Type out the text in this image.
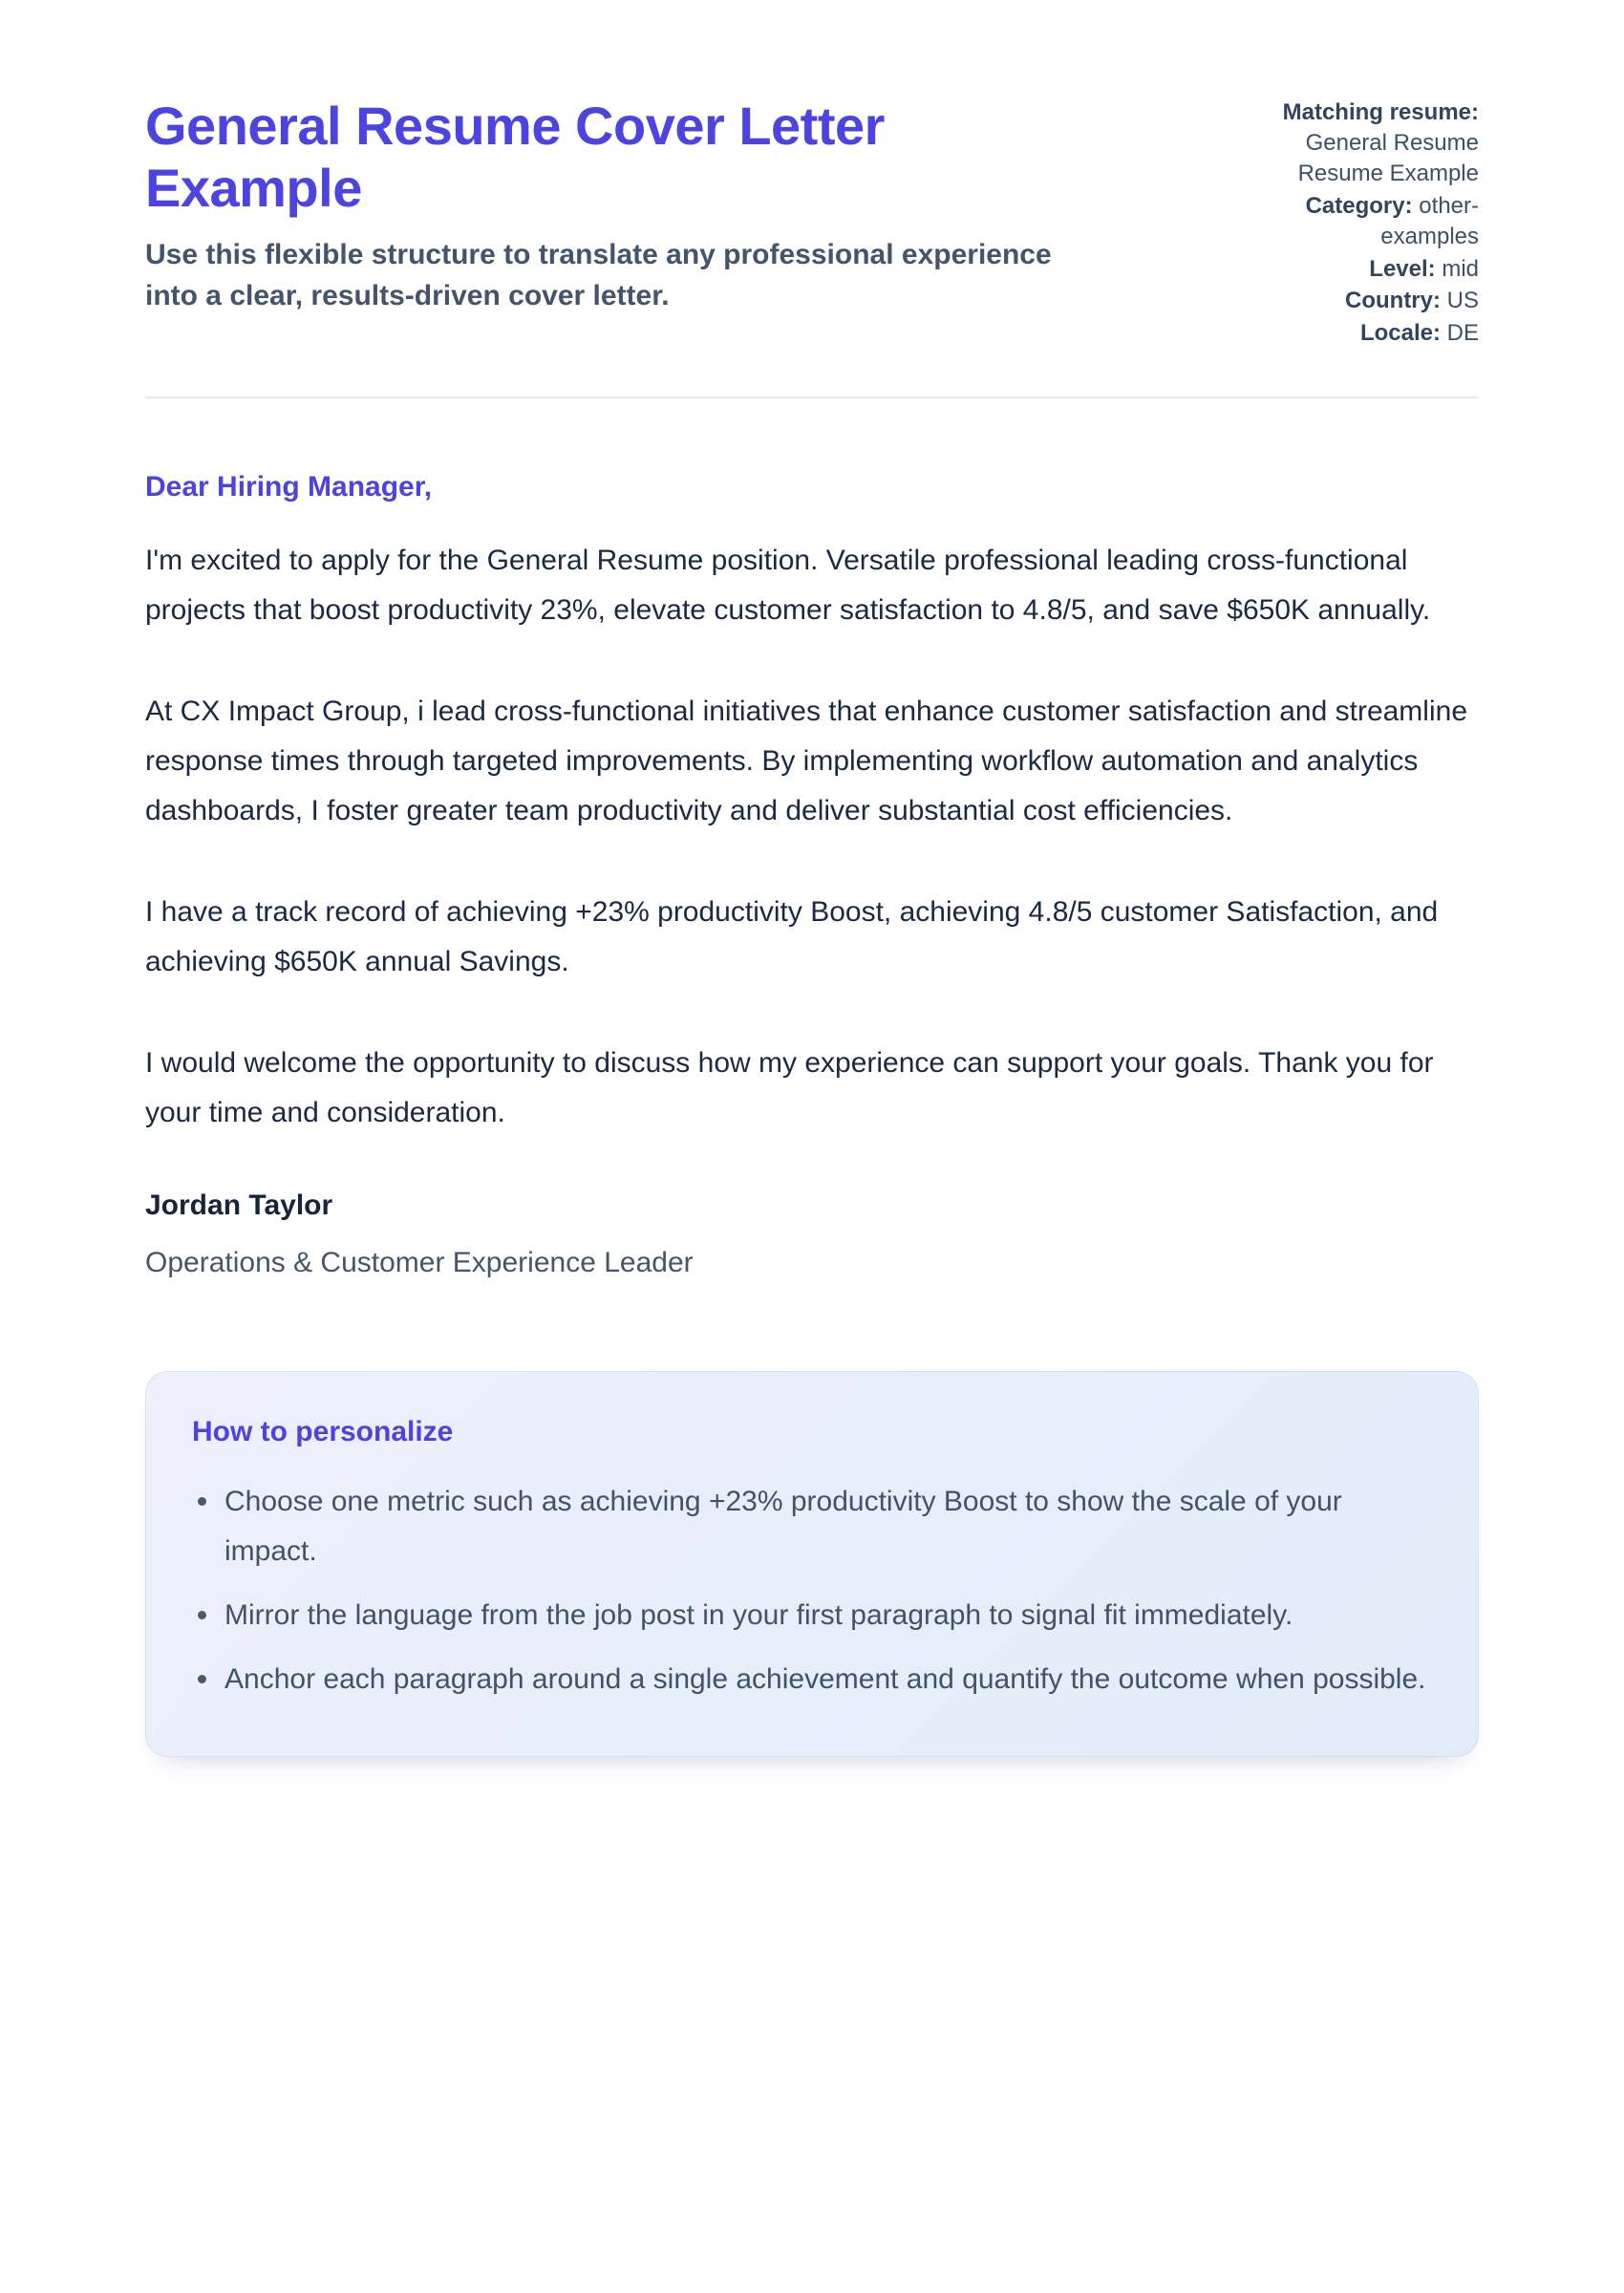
General Resume Cover Letter Example

Use this flexible structure to translate any professional experience into a clear, results-driven cover letter.

Matching resume: General Resume Resume Example
Category: other-examples
Level: mid
Country: US
Locale: DE

Dear Hiring Manager,

I'm excited to apply for the General Resume position. Versatile professional leading cross-functional projects that boost productivity 23%, elevate customer satisfaction to 4.8/5, and save $650K annually.

At CX Impact Group, i lead cross-functional initiatives that enhance customer satisfaction and streamline response times through targeted improvements. By implementing workflow automation and analytics dashboards, I foster greater team productivity and deliver substantial cost efficiencies.

I have a track record of achieving +23% productivity Boost, achieving 4.8/5 customer Satisfaction, and achieving $650K annual Savings.

I would welcome the opportunity to discuss how my experience can support your goals. Thank you for your time and consideration.

Jordan Taylor

Operations & Customer Experience Leader

How to personalize
Choose one metric such as achieving +23% productivity Boost to show the scale of your impact.
Mirror the language from the job post in your first paragraph to signal fit immediately.
Anchor each paragraph around a single achievement and quantify the outcome when possible.
